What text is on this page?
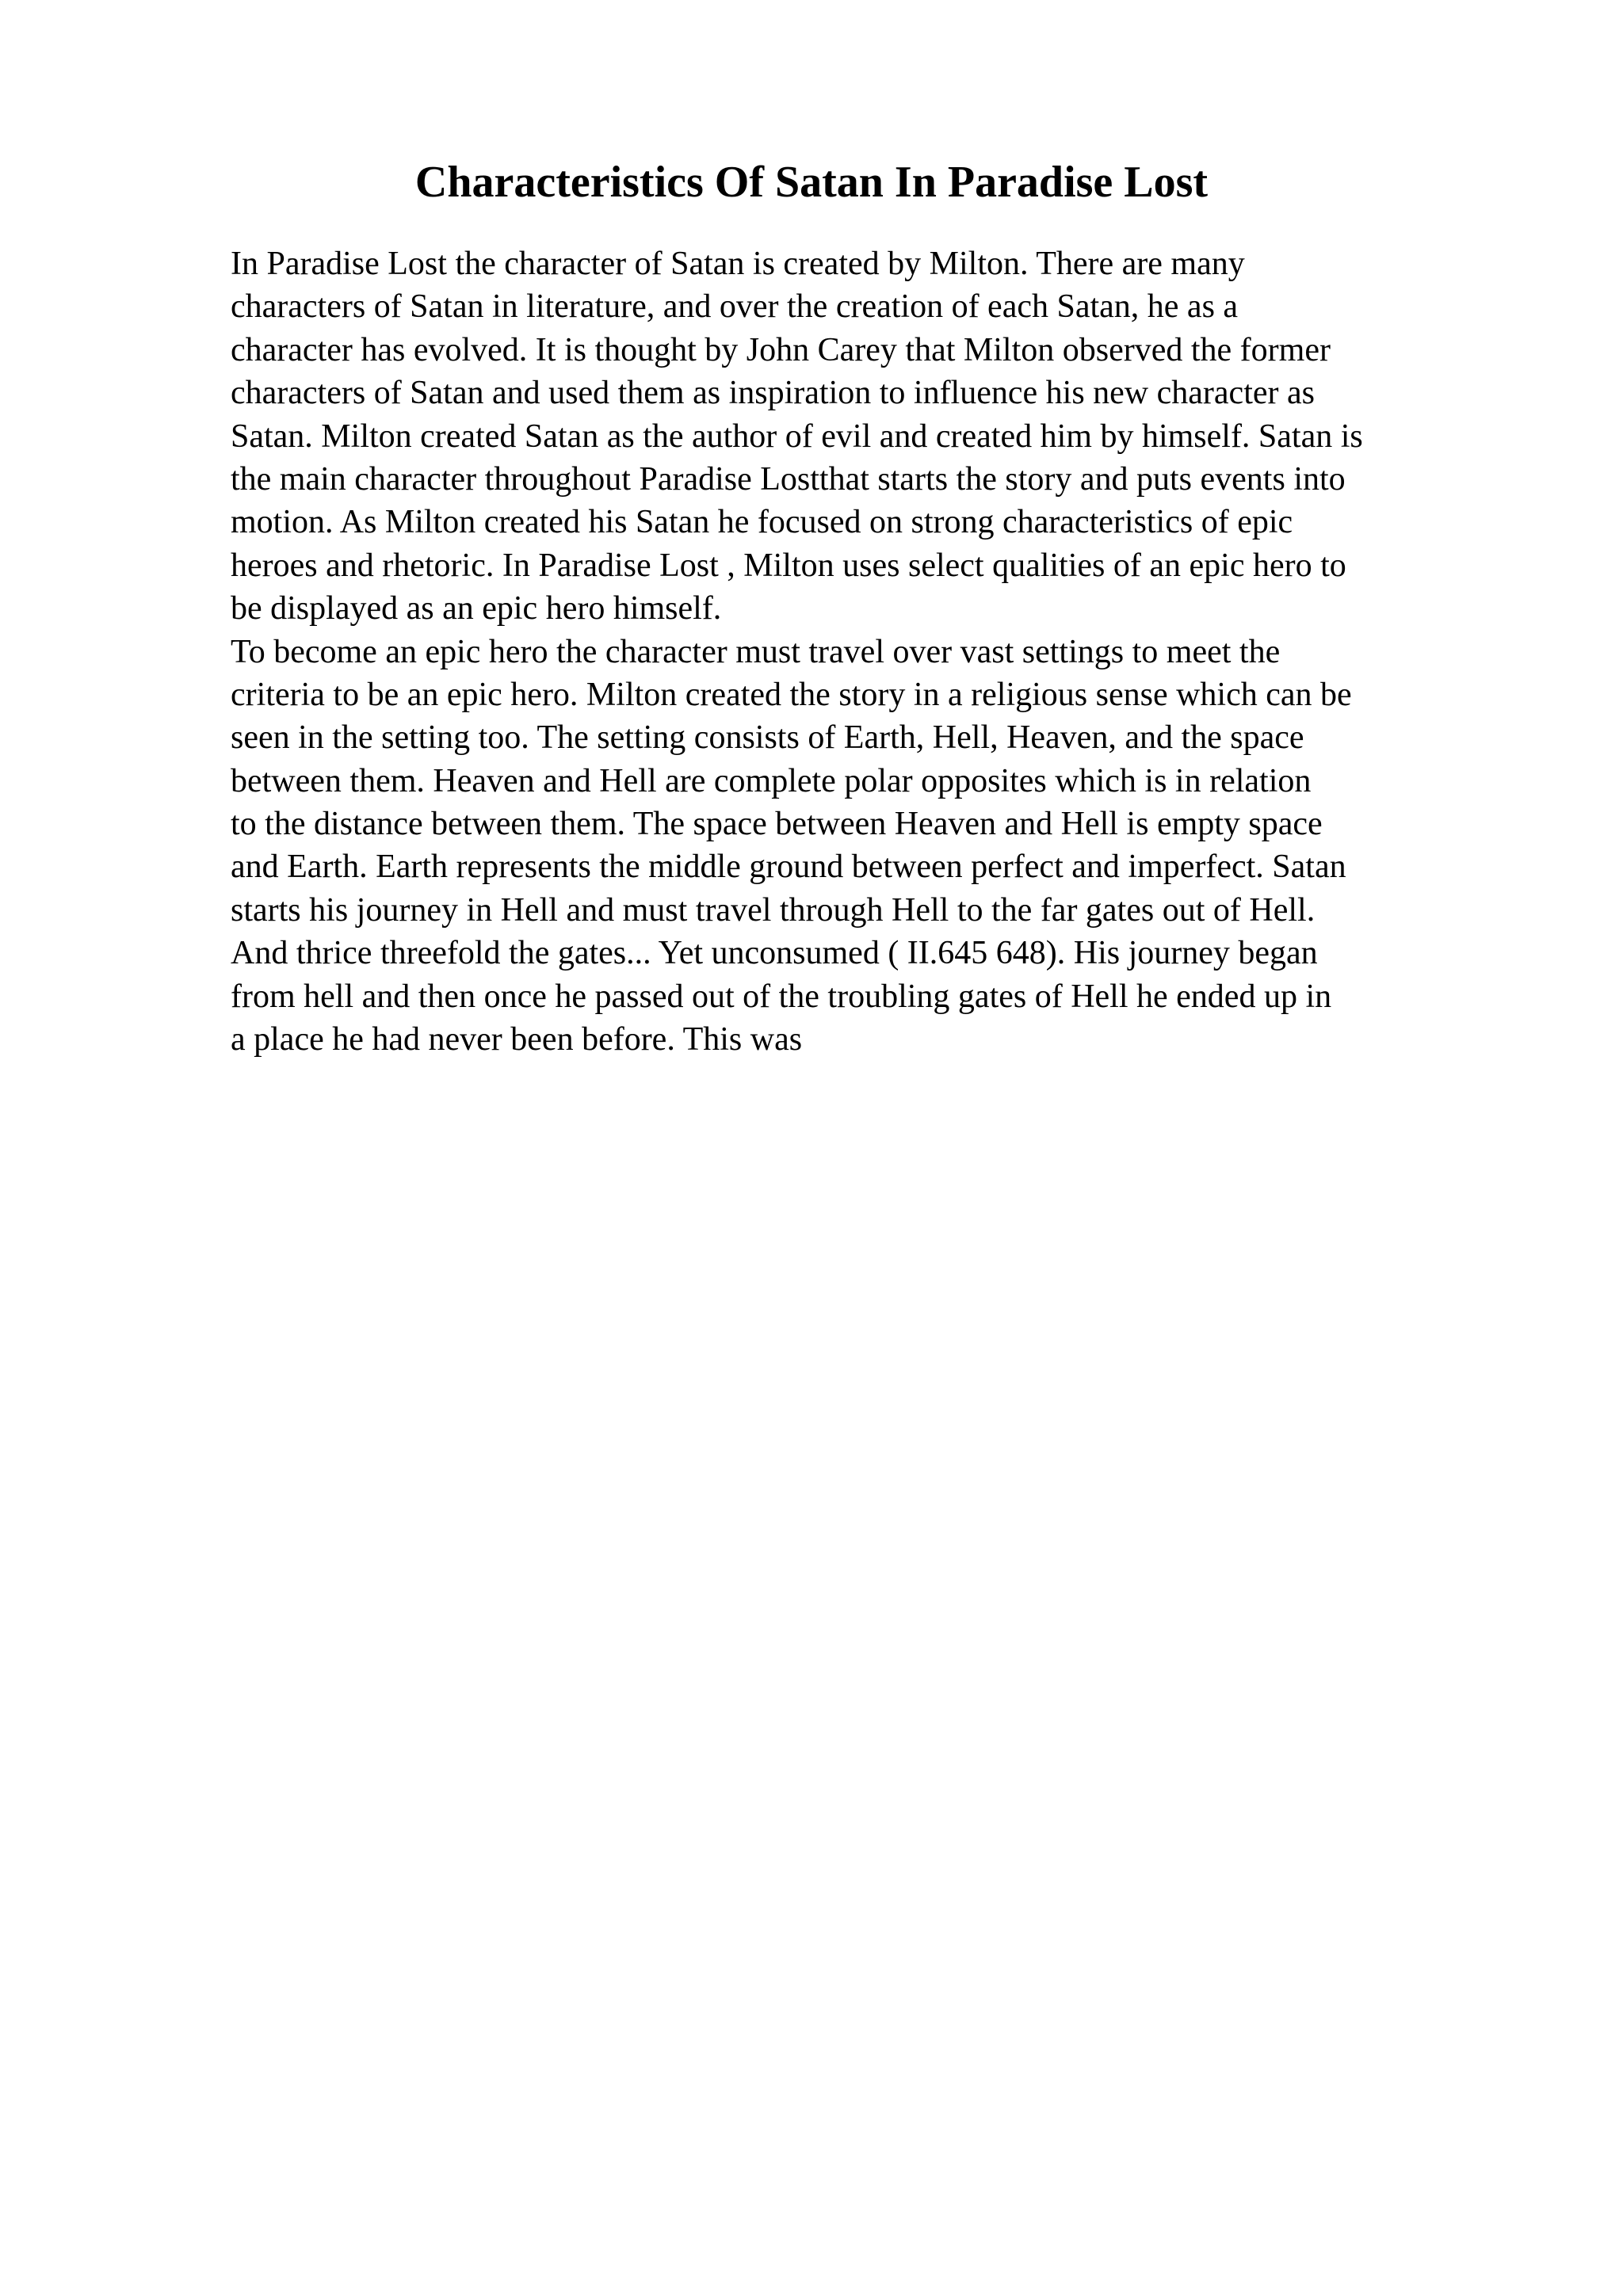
Characteristics Of Satan In Paradise Lost
In Paradise Lost the character of Satan is created by Milton. There are many
characters of Satan in literature, and over the creation of each Satan, he as a
character has evolved. It is thought by John Carey that Milton observed the former
characters of Satan and used them as inspiration to influence his new character as
Satan. Milton created Satan as the author of evil and created him by himself. Satan is
the main character throughout Paradise Lostthat starts the story and puts events into
motion. As Milton created his Satan he focused on strong characteristics of epic
heroes and rhetoric. In Paradise Lost , Milton uses select qualities of an epic hero to
be displayed as an epic hero himself.
To become an epic hero the character must travel over vast settings to meet the
criteria to be an epic hero. Milton created the story in a religious sense which can be
seen in the setting too. The setting consists of Earth, Hell, Heaven, and the space
between them. Heaven and Hell are complete polar opposites which is in relation
to the distance between them. The space between Heaven and Hell is empty space
and Earth. Earth represents the middle ground between perfect and imperfect. Satan
starts his journey in Hell and must travel through Hell to the far gates out of Hell.
And thrice threefold the gates... Yet unconsumed ( II.645 648). His journey began
from hell and then once he passed out of the troubling gates of Hell he ended up in
a place he had never been before. This was
